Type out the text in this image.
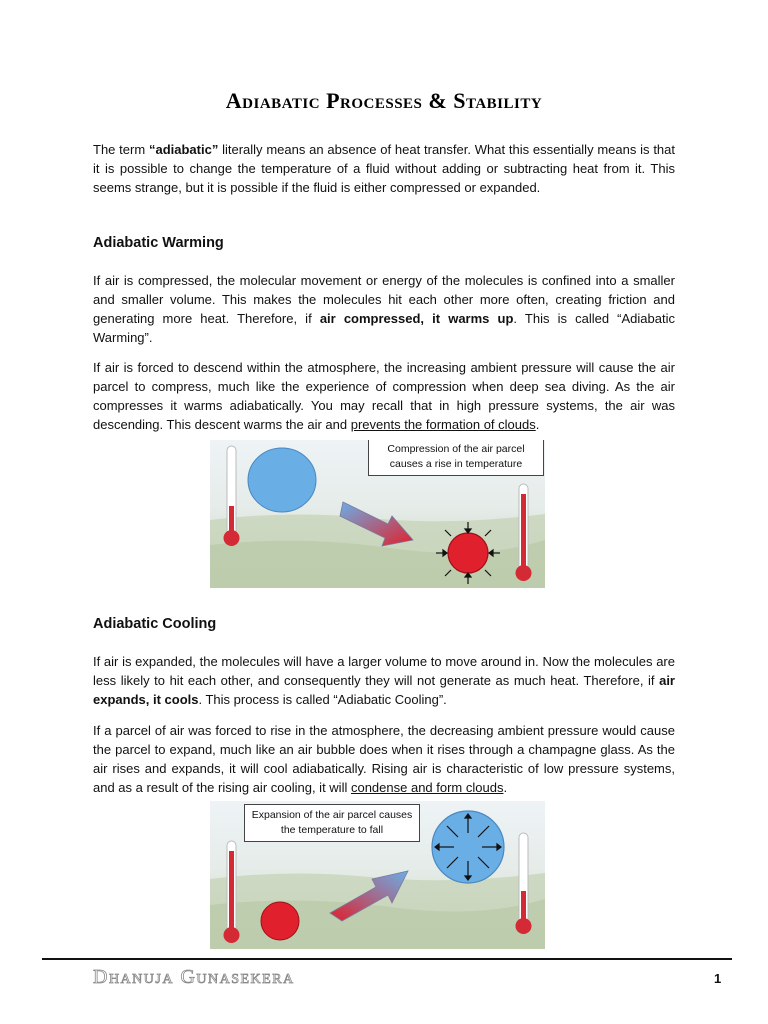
Adiabatic Processes & Stability

The term “adiabatic” literally means an absence of heat transfer. What this essentially means is that it is possible to change the temperature of a fluid without adding or subtracting heat from it. This seems strange, but it is possible if the fluid is either compressed or expanded.

Adiabatic Warming

If air is compressed, the molecular movement or energy of the molecules is confined into a smaller and smaller volume. This makes the molecules hit each other more often, creating friction and generating more heat. Therefore, if air compressed, it warms up. This is called “Adiabatic Warming”.

If air is forced to descend within the atmosphere, the increasing ambient pressure will cause the air parcel to compress, much like the experience of compression when deep sea diving. As the air compresses it warms adiabatically. You may recall that in high pressure systems, the air was descending. This descent warms the air and prevents the formation of clouds.

Compression of the air parcel causes a rise in temperature
Adiabatic Cooling

If air is expanded, the molecules will have a larger volume to move around in. Now the molecules are less likely to hit each other, and consequently they will not generate as much heat. Therefore, if air expands, it cools. This process is called “Adiabatic Cooling”.

If a parcel of air was forced to rise in the atmosphere, the decreasing ambient pressure would cause the parcel to expand, much like an air bubble does when it rises through a champagne glass. As the air rises and expands, it will cool adiabatically. Rising air is characteristic of low pressure systems, and as a result of the rising air cooling, it will condense and form clouds.

Expansion of the air parcel causes the temperature to fall
Dhanuja Gunasekera	1
